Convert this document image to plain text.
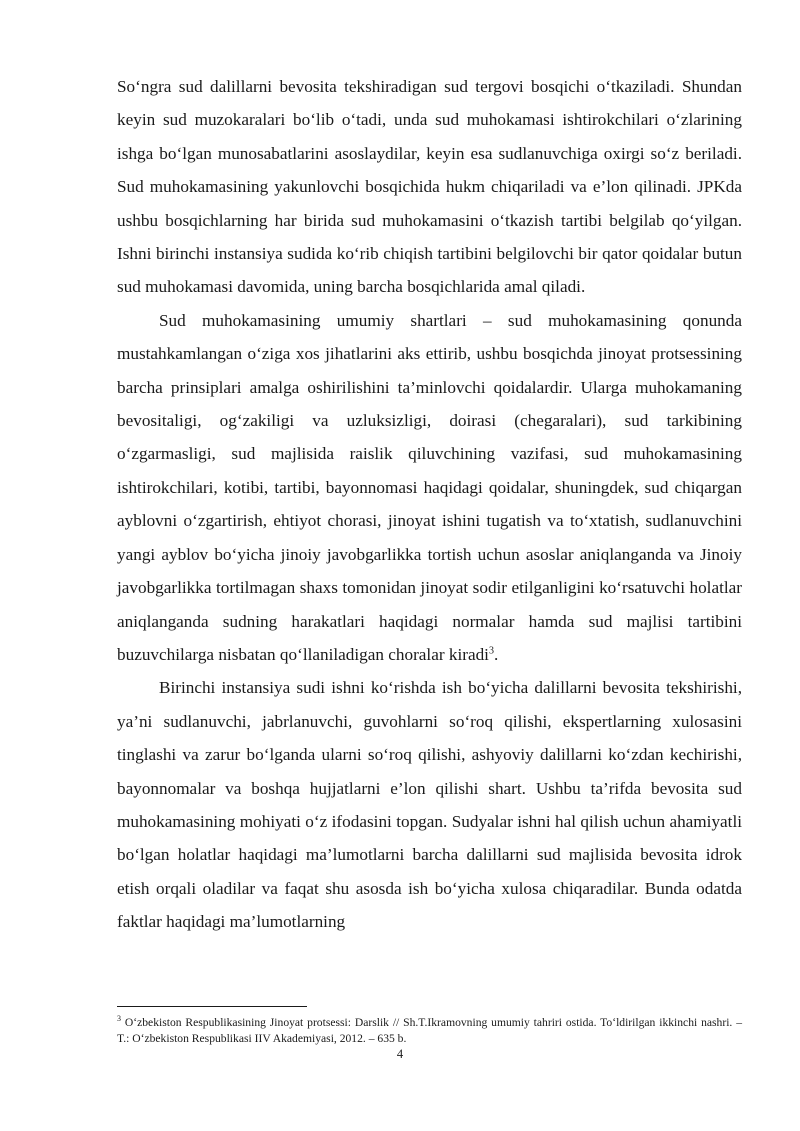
So‘ngra sud dalillarni bevosita tekshiradigan sud tergovi bosqichi o‘tkaziladi. Shundan keyin sud muzokaralari bo‘lib o‘tadi, unda sud muhokamasi ishtirokchilari o‘zlarining ishga bo‘lgan munosabatlarini asoslaydilar, keyin esa sudlanuvchiga oxirgi so‘z beriladi. Sud muhokamasining yakunlovchi bosqichida hukm chiqariladi va e’lon qilinadi. JPKda ushbu bosqichlarning har birida sud muhokamasini o‘tkazish tartibi belgilab qo‘yilgan. Ishni birinchi instansiya sudida ko‘rib chiqish tartibini belgilovchi bir qator qoidalar butun sud muhokamasi davomida, uning barcha bosqichlarida amal qiladi.

Sud muhokamasining umumiy shartlari – sud muhokamasining qonunda mustahkamlangan o‘ziga xos jihatlarini aks ettirib, ushbu bosqichda jinoyat protsessining barcha prinsiplari amalga oshirilishini ta’minlovchi qoidalardir. Ularga muhokamaning bevositaligi, og‘zakiligi va uzluksizligi, doirasi (chegaralari), sud tarkibining o‘zgarmasligi, sud majlisida raislik qiluvchining vazifasi, sud muhokamasining ishtirokchilari, kotibi, tartibi, bayonnomasi haqidagi qoidalar, shuningdek, sud chiqargan ayblovni o‘zgartirish, ehtiyot chorasi, jinoyat ishini tugatish va to‘xtatish, sudlanuvchini yangi ayblov bo‘yicha jinoiy javobgarlikka tortish uchun asoslar aniqlanganda va Jinoiy javobgarlikka tortilmagan shaxs tomonidan jinoyat sodir etilganligini ko‘rsatuvchi holatlar aniqlanganda sudning harakatlari haqidagi normalar hamda sud majlisi tartibini buzuvchilarga nisbatan qo‘llaniladigan choralar kiradi$^3$.

Birinchi instansiya sudi ishni ko‘rishda ish bo‘yicha dalillarni bevosita tekshirishi, ya’ni sudlanuvchi, jabrlanuvchi, guvohlarni so‘roq qilishi, ekspertlarning xulosasini tinglashi va zarur bo‘lganda ularni so‘roq qilishi, ashyoviy dalillarni ko‘zdan kechirishi, bayonnomalar va boshqa hujjatlarni e’lon qilishi shart. Ushbu ta’rifda bevosita sud muhokamasining mohiyati o‘z ifodasini topgan. Sudyalar ishni hal qilish uchun ahamiyatli bo‘lgan holatlar haqidagi ma’lumotlarni barcha dalillarni sud majlisida bevosita idrok etish orqali oladilar va faqat shu asosda ish bo‘yicha xulosa chiqaradilar. Bunda odatda faktlar haqidagi ma’lumotlarning

$^3$ O‘zbekiston Respublikasining Jinoyat protsessi: Darslik // Sh.T.Ikramovning umumiy tahriri ostida. To‘ldirilgan ikkinchi nashri. – T.: O‘zbekiston Respublikasi IIV Akademiyasi, 2012. – 635 b.

4
